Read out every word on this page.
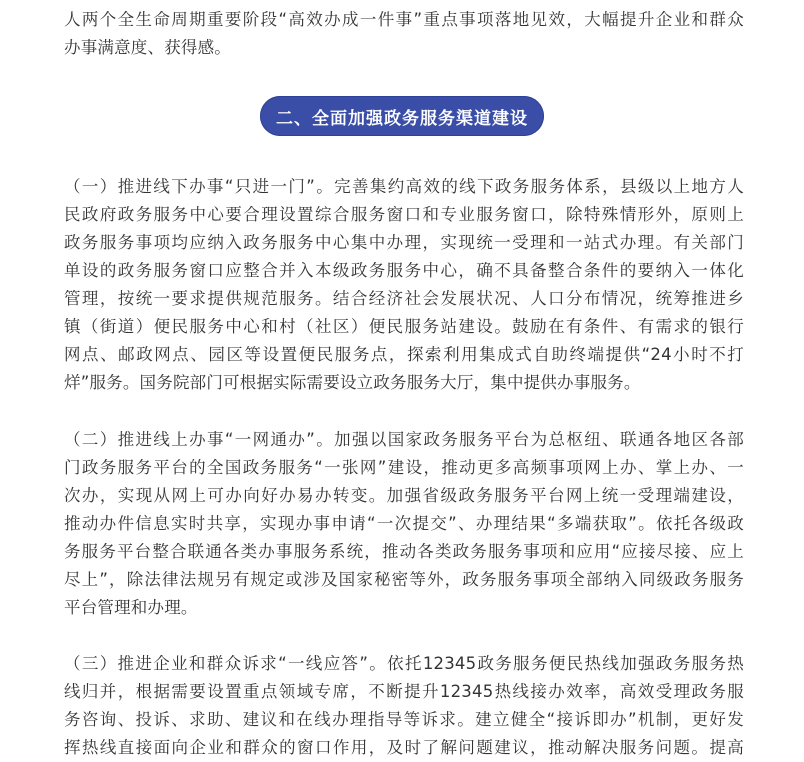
人两个全生命周期重要阶段“高效办成一件事”重点事项落地见效，大幅提升企业和群众
办事满意度、获得感。
二、全面加强政务服务渠道建设
（一）推进线下办事“只进一门”。完善集约高效的线下政务服务体系，县级以上地方人
民政府政务服务中心要合理设置综合服务窗口和专业服务窗口，除特殊情形外，原则上
政务服务事项均应纳入政务服务中心集中办理，实现统一受理和一站式办理。有关部门
单设的政务服务窗口应整合并入本级政务服务中心，确不具备整合条件的要纳入一体化
管理，按统一要求提供规范服务。结合经济社会发展状况、人口分布情况，统筹推进乡
镇（街道）便民服务中心和村（社区）便民服务站建设。鼓励在有条件、有需求的银行
网点、邮政网点、园区等设置便民服务点，探索利用集成式自助终端提供“24小时不打
烊”服务。国务院部门可根据实际需要设立政务服务大厅，集中提供办事服务。
（二）推进线上办事“一网通办”。加强以国家政务服务平台为总枢纽、联通各地区各部
门政务服务平台的全国政务服务“一张网”建设，推动更多高频事项网上办、掌上办、一
次办，实现从网上可办向好办易办转变。加强省级政务服务平台网上统一受理端建设，
推动办件信息实时共享，实现办事申请“一次提交”、办理结果“多端获取”。依托各级政
务服务平台整合联通各类办事服务系统，推动各类政务服务事项和应用“应接尽接、应上
尽上”，除法律法规另有规定或涉及国家秘密等外，政务服务事项全部纳入同级政务服务
平台管理和办理。
（三）推进企业和群众诉求“一线应答”。依托12345政务服务便民热线加强政务服务热
线归并，根据需要设置重点领域专席，不断提升12345热线接办效率，高效受理政务服
务咨询、投诉、求助、建议和在线办理指导等诉求。建立健全“接诉即办”机制，更好发
挥热线直接面向企业和群众的窗口作用，及时了解问题建议，推动解决服务问题。提高
